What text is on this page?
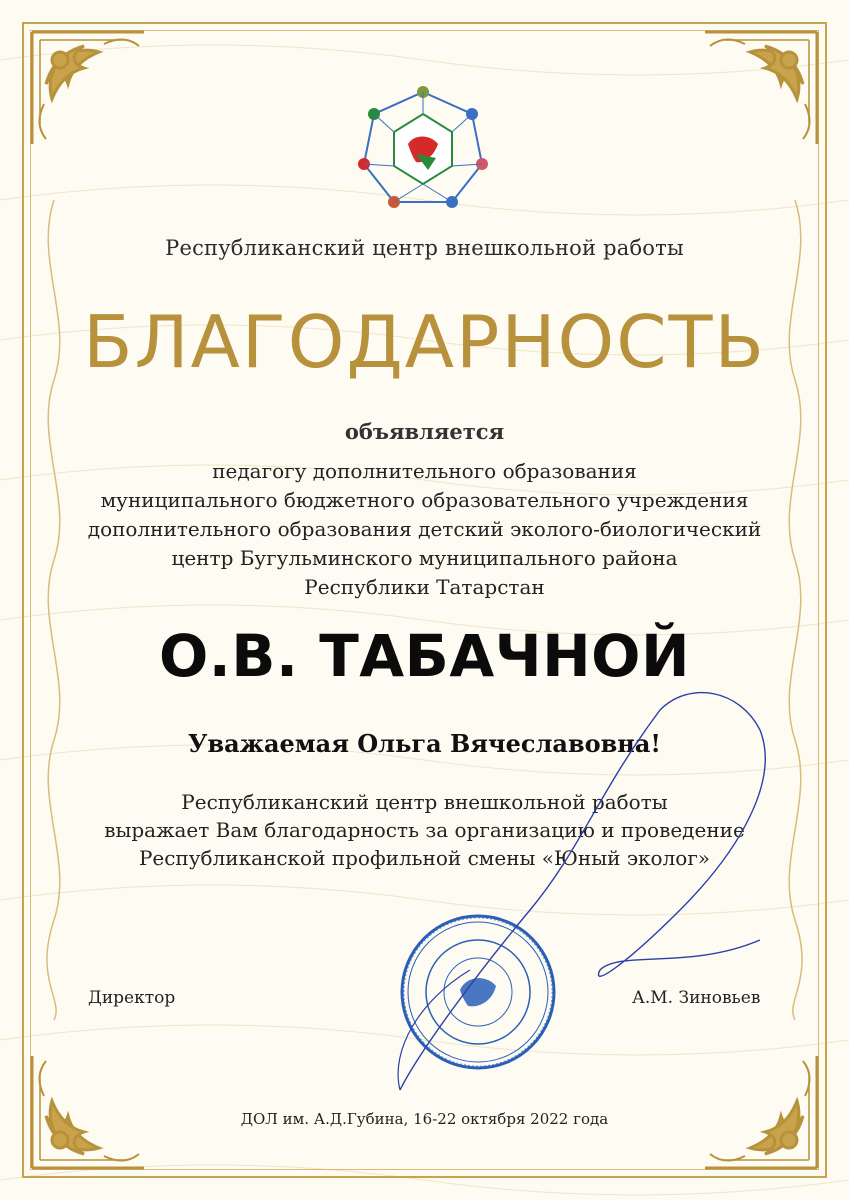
Республиканский центр внешкольной работы
БЛАГОДАРНОСТЬ
объявляется
педагогу дополнительного образования
муниципального бюджетного образовательного учреждения
дополнительного образования детский эколого-биологический
центр Бугульминского муниципального района
Республики Татарстан
О.В. ТАБАЧНОЙ
Уважаемая Ольга Вячеславовна!
Республиканский центр внешкольной работы
выражает Вам благодарность за организацию и проведение
Республиканской профильной смены «Юный эколог»
Директор	А.М. Зиновьев
ДОЛ им. А.Д.Губина, 16-22 октября 2022 года
